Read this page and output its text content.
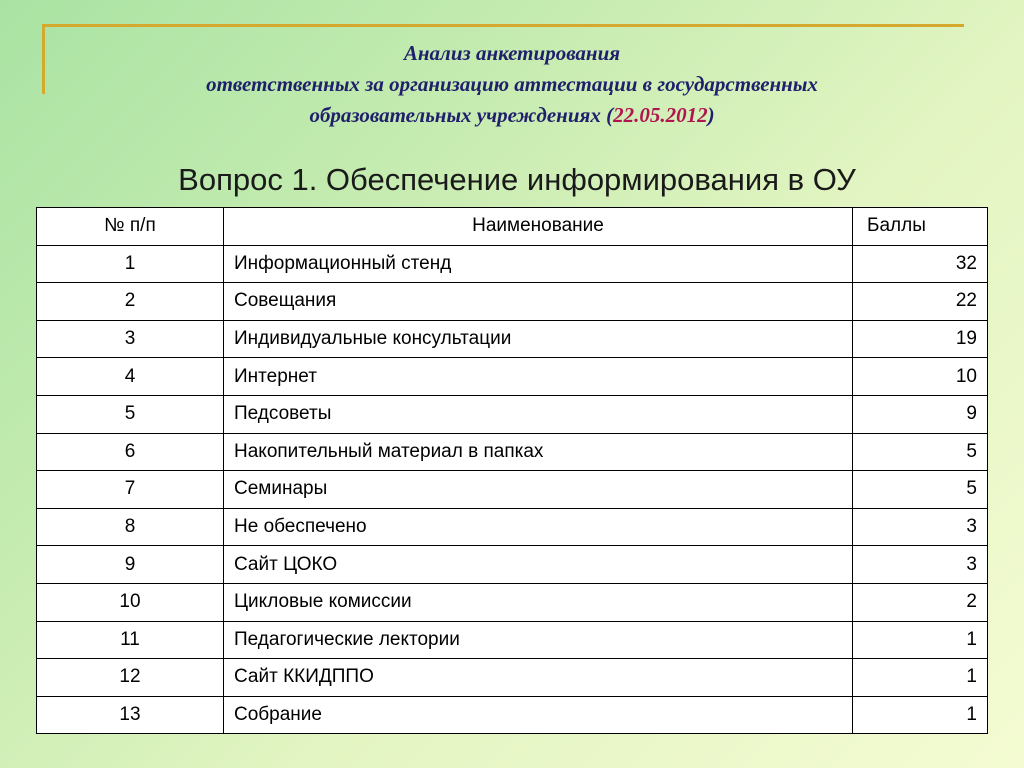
Анализ анкетирования
ответственных за организацию аттестации в государственных
образовательных учреждениях (22.05.2012)
Вопрос 1. Обеспечение информирования в ОУ
№ п/п	Наименование	Баллы
1	Информационный стенд	32
2	Совещания	22
3	Индивидуальные консультации	19
4	Интернет	10
5	Педсоветы	9
6	Накопительный материал в папках	5
7	Семинары	5
8	Не обеспечено	3
9	Сайт ЦОКО	3
10	Цикловые комиссии	2
11	Педагогические лектории	1
12	Сайт ККИДППО	1
13	Собрание	1
